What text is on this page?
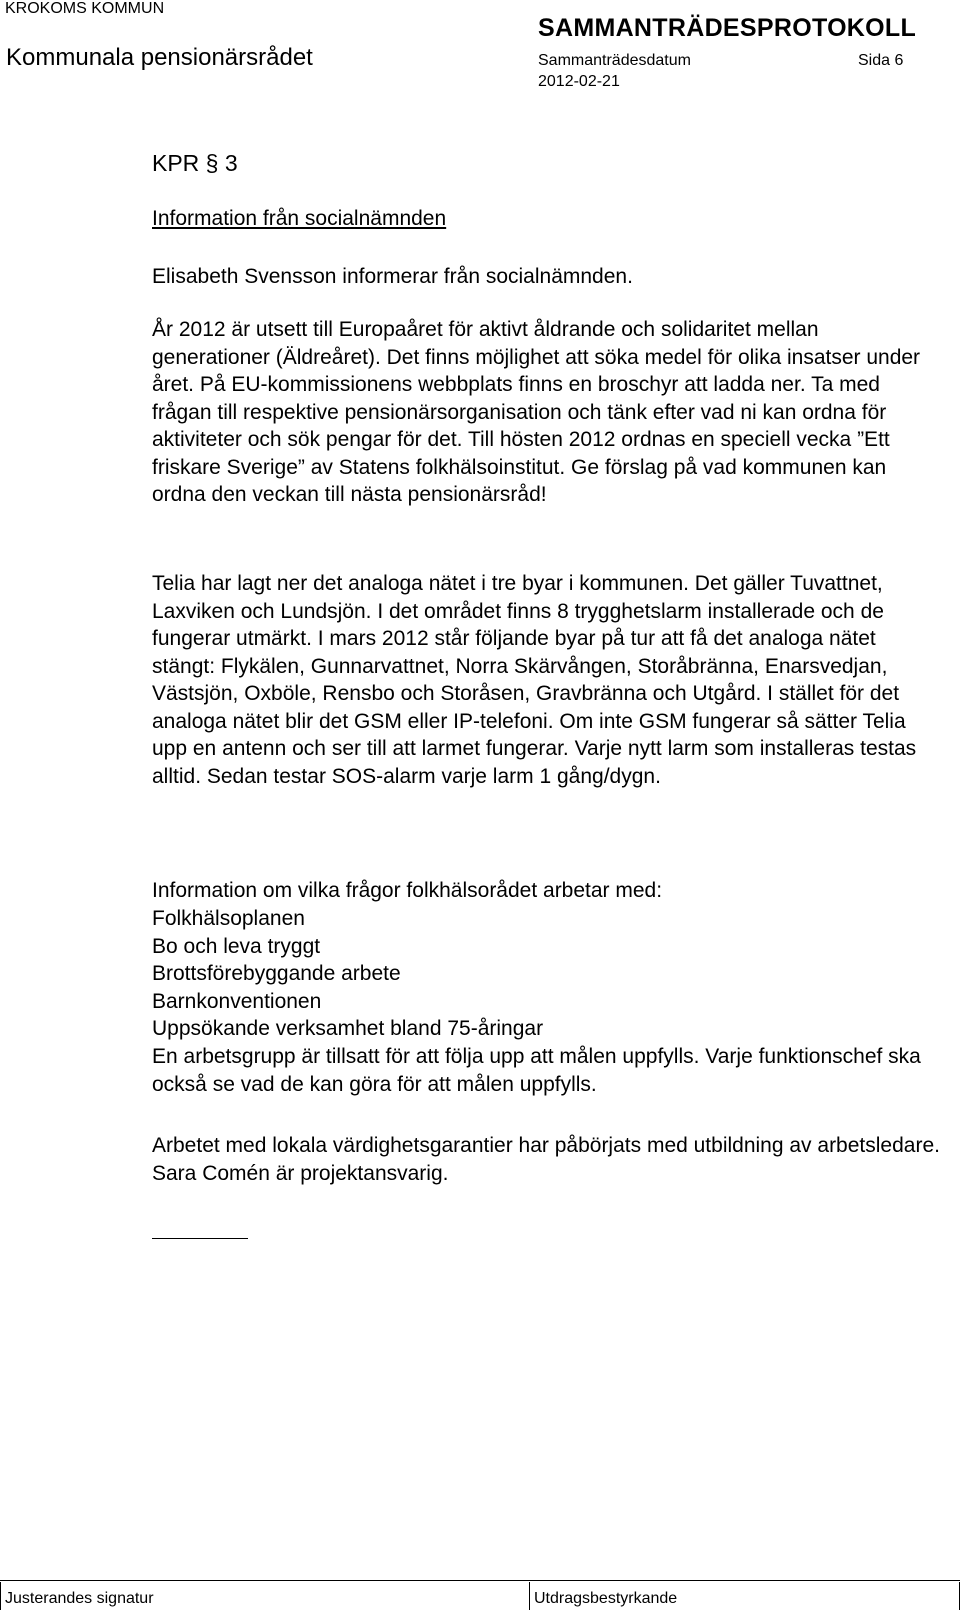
KROKOMS KOMMUN
SAMMANTRÄDESPROTOKOLL
Kommunala pensionärsrådet	Sammanträdesdatum	Sida 6
2012-02-21

KPR § 3

Information från socialnämnden

Elisabeth Svensson informerar från socialnämnden.

År 2012 är utsett till Europaåret för aktivt åldrande och solidaritet mellan generationer (Äldreåret). Det finns möjlighet att söka medel för olika insatser under året. På EU-kommissionens webbplats finns en broschyr att ladda ner. Ta med frågan till respektive pensionärsorganisation och tänk efter vad ni kan ordna för aktiviteter och sök pengar för det. Till hösten 2012 ordnas en speciell vecka ”Ett friskare Sverige” av Statens folkhälsoinstitut. Ge förslag på vad kommunen kan ordna den veckan till nästa pensionärsråd!

Telia har lagt ner det analoga nätet i tre byar i kommunen. Det gäller Tuvattnet, Laxviken och Lundsjön. I det området finns 8 trygghetslarm installerade och de fungerar utmärkt. I mars 2012 står följande byar på tur att få det analoga nätet stängt: Flykälen, Gunnarvattnet, Norra Skärvången, Storåbränna, Enarsvedjan, Västsjön, Oxböle, Rensbo och Storåsen, Gravbränna och Utgård. I stället för det analoga nätet blir det GSM eller IP-telefoni. Om inte GSM fungerar så sätter Telia upp en antenn och ser till att larmet fungerar. Varje nytt larm som installeras testas alltid. Sedan testar SOS-alarm varje larm 1 gång/dygn.

Information om vilka frågor folkhälsorådet arbetar med:

Folkhälsoplanen
Bo och leva tryggt
Brottsförebyggande arbete
Barnkonventionen
Uppsökande verksamhet bland 75-åringar

En arbetsgrupp är tillsatt för att följa upp att målen uppfylls. Varje funktionschef ska också se vad de kan göra för att målen uppfylls.

Arbetet med lokala värdighetsgarantier har påbörjats med utbildning av arbetsledare. Sara Comén är projektansvarig.

Justerandes signatur	Utdragsbestyrkande
